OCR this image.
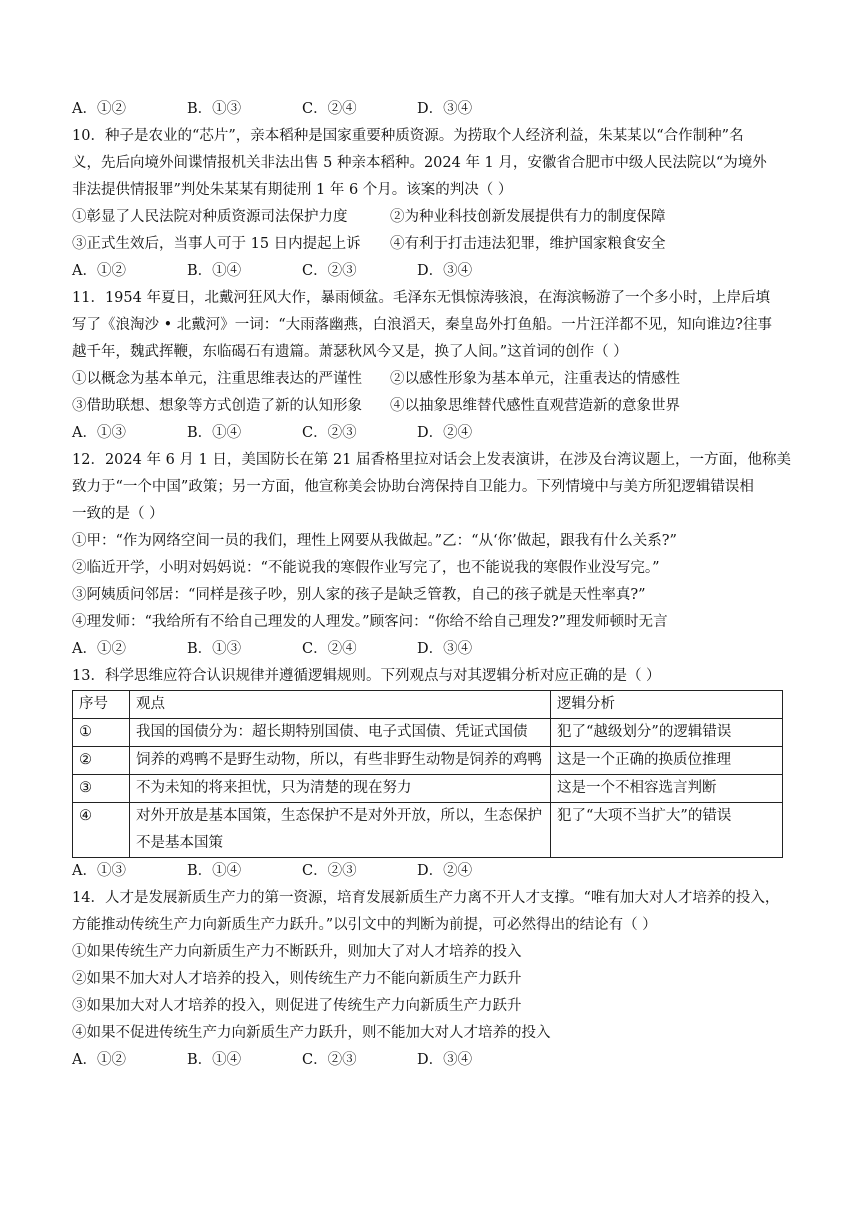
A．①②	B．①③	C．②④	D．③④
10．种子是农业的“芯片”，亲本稻种是国家重要种质资源。为捞取个人经济利益，朱某某以“合作制种”名
义，先后向境外间谍情报机关非法出售 5 种亲本稻种。2024 年 1 月，安徽省合肥市中级人民法院以“为境外
非法提供情报罪”判处朱某某有期徒刑 1 年 6 个月。该案的判决（ ）
①彰显了人民法院对种质资源司法保护力度	②为种业科技创新发展提供有力的制度保障
③正式生效后，当事人可于 15 日内提起上诉	④有利于打击违法犯罪，维护国家粮食安全
A．①②	B．①④	C．②③	D．③④
11．1954 年夏日，北戴河狂风大作，暴雨倾盆。毛泽东无惧惊涛骇浪，在海滨畅游了一个多小时，上岸后填
写了《浪淘沙 • 北戴河》一词：“大雨落幽燕，白浪滔天，秦皇岛外打鱼船。一片汪洋都不见，知向谁边?往事
越千年，魏武挥鞭，东临碣石有遗篇。萧瑟秋风今又是，换了人间。”这首词的创作（ ）
①以概念为基本单元，注重思维表达的严谨性	②以感性形象为基本单元，注重表达的情感性
③借助联想、想象等方式创造了新的认知形象	④以抽象思维替代感性直观营造新的意象世界
A．①③	B．①④	C．②③	D．②④
12．2024 年 6 月 1 日，美国防长在第 21 届香格里拉对话会上发表演讲，在涉及台湾议题上，一方面，他称美
致力于“一个中国”政策；另一方面，他宣称美会协助台湾保持自卫能力。下列情境中与美方所犯逻辑错误相
一致的是（ ）
①甲：“作为网络空间一员的我们，理性上网要从我做起。”乙：“从‘你’做起，跟我有什么关系?”
②临近开学，小明对妈妈说：“不能说我的寒假作业写完了，也不能说我的寒假作业没写完。”
③阿姨质问邻居：“同样是孩子吵，别人家的孩子是缺乏管教，自己的孩子就是天性率真?”
④理发师：“我给所有不给自己理发的人理发。”顾客问：“你给不给自己理发?”理发师顿时无言
A．①②	B．①③	C．②④	D．③④
13．科学思维应符合认识规律并遵循逻辑规则。下列观点与对其逻辑分析对应正确的是（ ）
序号	观点	逻辑分析
①	我国的国债分为：超长期特别国债、电子式国债、凭证式国债	犯了“越级划分”的逻辑错误
②	饲养的鸡鸭不是野生动物，所以，有些非野生动物是饲养的鸡鸭	这是一个正确的换质位推理
③	不为未知的将来担忧，只为清楚的现在努力	这是一个不相容选言判断
④	对外开放是基本国策，生态保护不是对外开放，所以，生态保护不是基本国策	犯了“大项不当扩大”的错误
A．①③	B．①④	C．②③	D．②④
14．人才是发展新质生产力的第一资源，培育发展新质生产力离不开人才支撑。“唯有加大对人才培养的投入，
方能推动传统生产力向新质生产力跃升。”以引文中的判断为前提，可必然得出的结论有（ ）
①如果传统生产力向新质生产力不断跃升，则加大了对人才培养的投入
②如果不加大对人才培养的投入，则传统生产力不能向新质生产力跃升
③如果加大对人才培养的投入，则促进了传统生产力向新质生产力跃升
④如果不促进传统生产力向新质生产力跃升，则不能加大对人才培养的投入
A．①②	B．①④	C．②③	D．③④
